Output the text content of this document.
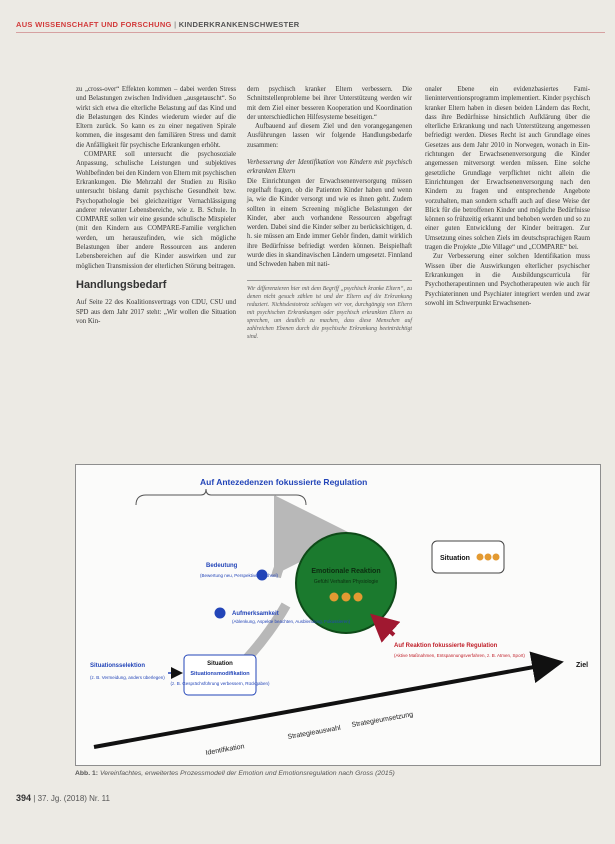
AUS WISSENSCHAFT UND FORSCHUNG | KINDERKRANKENSCHWESTER

zu „cross-over“ Effekten kommen – dabei werden Stress und Belastungen zwischen Individuen „ausgetauscht“. So wirkt sich etwa die elterliche Belastung auf das Kind und die Belastungen des Kindes wiederum wieder auf die Eltern zurück. So kann es zu einer negativen Spirale kommen, die insgesamt den familiären Stress und damit die Anfälligkeit für psychische Erkrankungen erhöht.

COMPARE soll untersucht die psychosoziale Anpassung, schulische Leistungen und subjektives Wohlbefinden bei den Kindern von Eltern mit psychischen Erkrankungen. Die Mehrzahl der Studien zu Risiko untersucht bislang damit psychische Gesundheit bzw. Psychopathologie bei gleichzeitiger Vernachlässigung anderer relevanter Lebensbereiche, wie z. B. Schule. In COMPARE sollen wir eine gesunde schulische Mitspieler (mit den Kindern aus COMPARE-Familie verglichen werden, um herauszufinden, wie sich mögliche Belastungen über andere Ressourcen aus anderen Lebensbereichen auf die Kinder auswirken und zur möglichen Transmission der elterlichen Störung beitragen.

Handlungsbedarf

Auf Seite 22 des Koalitionsvertrags von CDU, CSU und SPD aus dem Jahr 2017 steht: „Wir wollen die Situation von Kin-

dern psychisch kranker Eltern verbessern. Die Schnittstellenprobleme bei ihrer Unterstützung werden wir mit dem Ziel einer besseren Kooperation und Koordination der unterschiedlichen Hilfesysteme beseitigen.“

Aufbauend auf diesem Ziel und den vorangegangenen Ausführungen lassen wir folgende Handlungsbedarfe zusammen:

Verbesserung der Identifikation von Kindern mit psychisch erkrankten Eltern

Die Einrichtungen der Erwachsenenversorgung müssen regelhaft fragen, ob die Patienten Kinder haben und wenn ja, wie die Kinder versorgt und wie es ihnen geht. Zudem sollten in einem Screening mögliche Belastungen der Kinder, aber auch vorhandene Ressourcen abgefragt werden. Dabei sind die Kinder selber zu berücksichtigen, d. h. sie müssen am Ende immer Gehör finden, damit wirklich ihre Bedürfnisse befriedigt werden können. Beispielhaft wurde dies in skandinavischen Ländern umgesetzt. Finnland und Schweden haben mit nati-

Wir differenzieren hier mit dem Begriff „psychisch kranke Eltern“, zu denen nicht gesuch zählen ist und der Eltern auf die Erkrankung reduziert. Nichtsdestotrotz schlagen wir vor, durchgängig von Eltern mit psychischen Erkrankungen oder psychisch erkrankten Eltern zu sprechen, um deutlich zu machen, dass diese Menschen auf zahlreichen Ebenen durch die psychische Erkrankung beeinträchtigt sind.

onaler Ebene ein evidenzbasiertes Familieninterventionsprogramm implementiert. Kinder psychisch kranker Eltern haben in diesen beiden Ländern das Recht, dass ihre Bedürfnisse hinsichtlich Aufklärung über die elterliche Erkrankung und nach Unterstützung angemessen befriedigt werden. Dieses Recht ist auch Grundlage eines Gesetzes aus dem Jahr 2010 in Norwegen, wonach in Einrichtungen der Erwachsenenversorgung die Kinder angemessen mitversorgt werden müssen. Eine solche gesetzliche Grundlage verpflichtet nicht allein die Einrichtungen der Erwachsenenversorgung nach den Kindern zu fragen und entsprechende Angebote vorzuhalten, man sondern schafft auch auf diese Weise der Blick für die betroffenen Kinder und mögliche Bedürfnisse können so frühzeitig erkannt und behoben werden und so zu einer guten Entwicklung der Kinder beitragen. Zur Umsetzung eines solchen Ziels im deutschsprachigen Raum tragen die Projekte „Die Village“ und „COMPARE“ bei.

Zur Verbesserung einer solchen Identifikation muss Wissen über die Auswirkungen elterlicher psychischer Erkrankungen in die Ausbildungscurricula für Psychotherapeutinnen und Psychotherapeuten wie auch für Psychiaterinnen und Psychiater integriert werden und zwar sowohl im Schwerpunkt Erwachsenen-

Auf Antezedenzen fokussierte Regulation
Ziel
Identifikation
Strategieauswahl
Strategieumsetzung
Emotionale Reaktion
Gefühl Verhalten Physiologie
Situation
Bedeutung
(Bewertung neu, Perspektivenwechsel)
Aufmerksamkeit
(Ablenkung, Aspekte beachten, Ausblendung, Fokussieren)
Situation
Situationsmodifikation
(z. B. Gesprächsführung verbessern, Rückgaben)
Situationsselektion
(z. B. Vermeidung, anders überlegen)
Auf Reaktion fokussierte Regulation
(Aktive Maßnahmen, Entspannungsverfahren, z. B. Atmen, Sport)
Abb. 1: Vereinfachtes, erweitertes Prozessmodell der Emotion und Emotionsregulation nach Gross (2015)
394 | 37. Jg. (2018) Nr. 11
